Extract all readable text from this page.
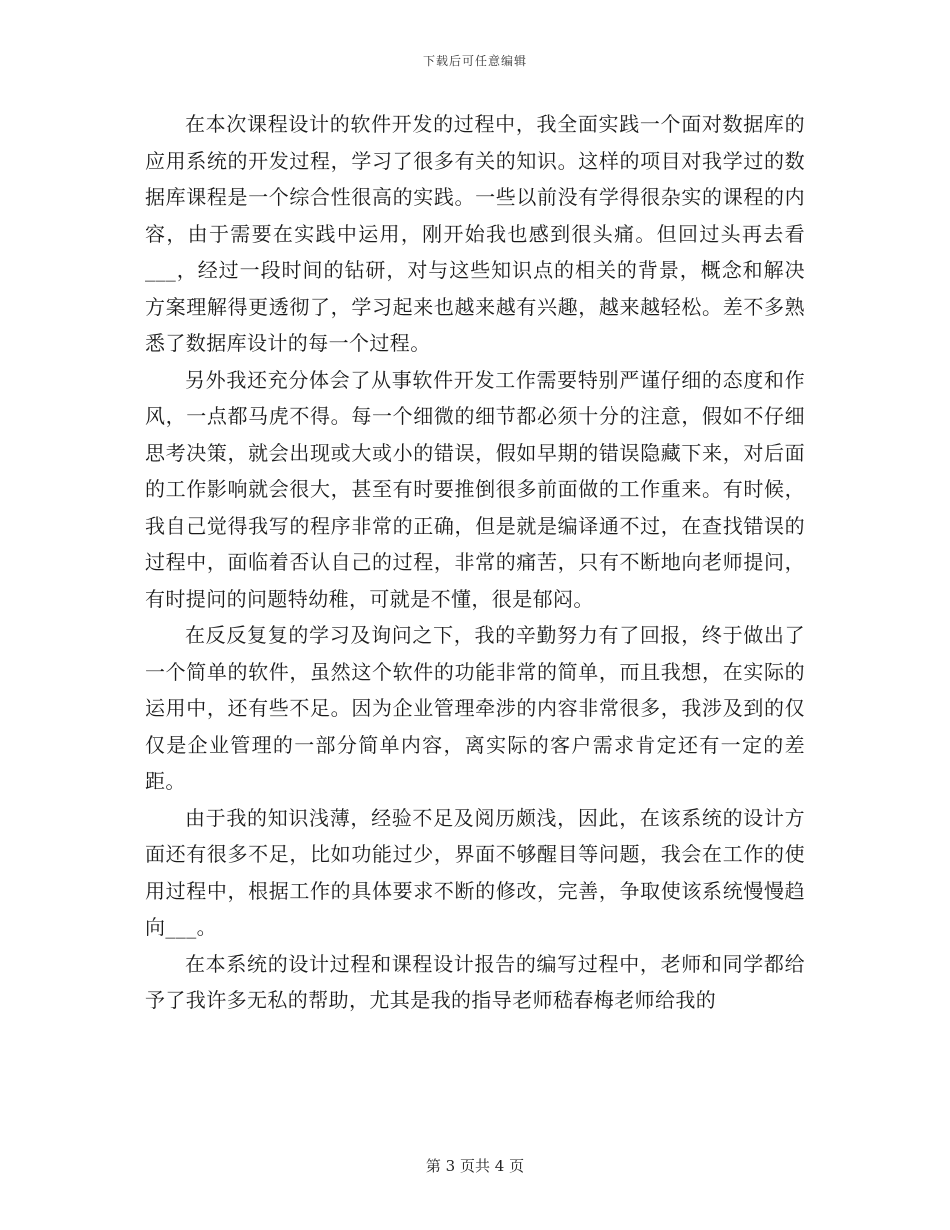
下载后可任意编辑

在本次课程设计的软件开发的过程中，我全面实践一个面对数据库的应用系统的开发过程，学习了很多有关的知识。这样的项目对我学过的数据库课程是一个综合性很高的实践。一些以前没有学得很杂实的课程的内容，由于需要在实践中运用，刚开始我也感到很头痛。但回过头再去看___，经过一段时间的钻研，对与这些知识点的相关的背景，概念和解决方案理解得更透彻了，学习起来也越来越有兴趣，越来越轻松。差不多熟悉了数据库设计的每一个过程。

另外我还充分体会了从事软件开发工作需要特别严谨仔细的态度和作风，一点都马虎不得。每一个细微的细节都必须十分的注意，假如不仔细思考决策，就会出现或大或小的错误，假如早期的错误隐藏下来，对后面的工作影响就会很大，甚至有时要推倒很多前面做的工作重来。有时候，我自己觉得我写的程序非常的正确，但是就是编译通不过，在查找错误的过程中，面临着否认自己的过程，非常的痛苦，只有不断地向老师提问，有时提问的问题特幼稚，可就是不懂，很是郁闷。

在反反复复的学习及询问之下，我的辛勤努力有了回报，终于做出了一个简单的软件，虽然这个软件的功能非常的简单，而且我想，在实际的运用中，还有些不足。因为企业管理牵涉的内容非常很多，我涉及到的仅仅是企业管理的一部分简单内容，离实际的客户需求肯定还有一定的差距。

由于我的知识浅薄，经验不足及阅历颇浅，因此，在该系统的设计方面还有很多不足，比如功能过少，界面不够醒目等问题，我会在工作的使用过程中，根据工作的具体要求不断的修改，完善，争取使该系统慢慢趋向___。

在本系统的设计过程和课程设计报告的编写过程中，老师和同学都给予了我许多无私的帮助，尤其是我的指导老师嵇春梅老师给我的

第 3 页共 4 页
